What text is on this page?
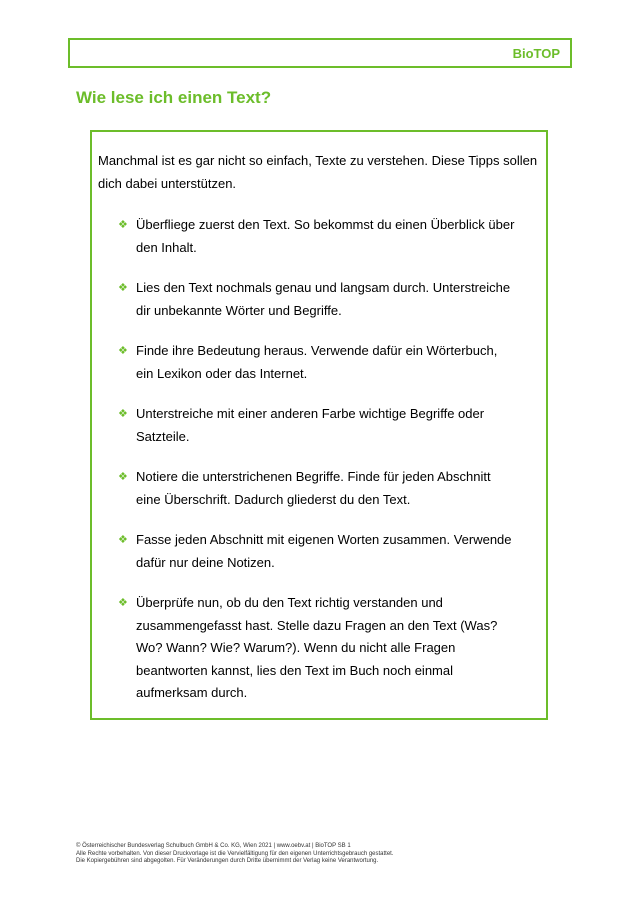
BioTOP
Wie lese ich einen Text?

Manchmal ist es gar nicht so einfach, Texte zu verstehen. Diese Tipps sollen dich dabei unterstützen.

❖ Überfliege zuerst den Text. So bekommst du einen Überblick über den Inhalt.
❖ Lies den Text nochmals genau und langsam durch. Unterstreiche dir unbekannte Wörter und Begriffe.
❖ Finde ihre Bedeutung heraus. Verwende dafür ein Wörterbuch, ein Lexikon oder das Internet.
❖ Unterstreiche mit einer anderen Farbe wichtige Begriffe oder Satzteile.
❖ Notiere die unterstrichenen Begriffe. Finde für jeden Abschnitt eine Überschrift. Dadurch gliederst du den Text.
❖ Fasse jeden Abschnitt mit eigenen Worten zusammen. Verwende dafür nur deine Notizen.
❖ Überprüfe nun, ob du den Text richtig verstanden und zusammengefasst hast. Stelle dazu Fragen an den Text (Was? Wo? Wann? Wie? Warum?). Wenn du nicht alle Fragen beantworten kannst, lies den Text im Buch noch einmal aufmerksam durch.
© Österreichischer Bundesverlag Schulbuch GmbH & Co. KG, Wien 2021 | www.oebv.at | BioTOP SB 1
Alle Rechte vorbehalten. Von dieser Druckvorlage ist die Vervielfältigung für den eigenen Unterrichtsgebrauch gestattet.
Die Kopiergebühren sind abgegolten. Für Veränderungen durch Dritte übernimmt der Verlag keine Verantwortung.
